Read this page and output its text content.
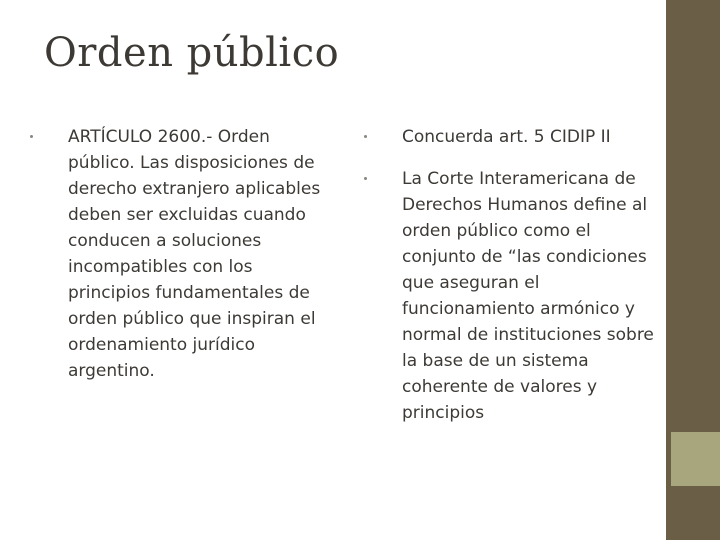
Orden público
ARTÍCULO 2600.- Orden público. Las disposiciones de derecho extranjero aplicables deben ser excluidas cuando conducen a soluciones incompatibles con los principios fundamentales de orden público que inspiran el ordenamiento jurídico argentino.
Concuerda art. 5 CIDIP II
La Corte Interamericana de Derechos Humanos define al orden público como el conjunto de “las condiciones que aseguran el funcionamiento armónico y normal de instituciones sobre la base de un sistema coherente de valores y principios
